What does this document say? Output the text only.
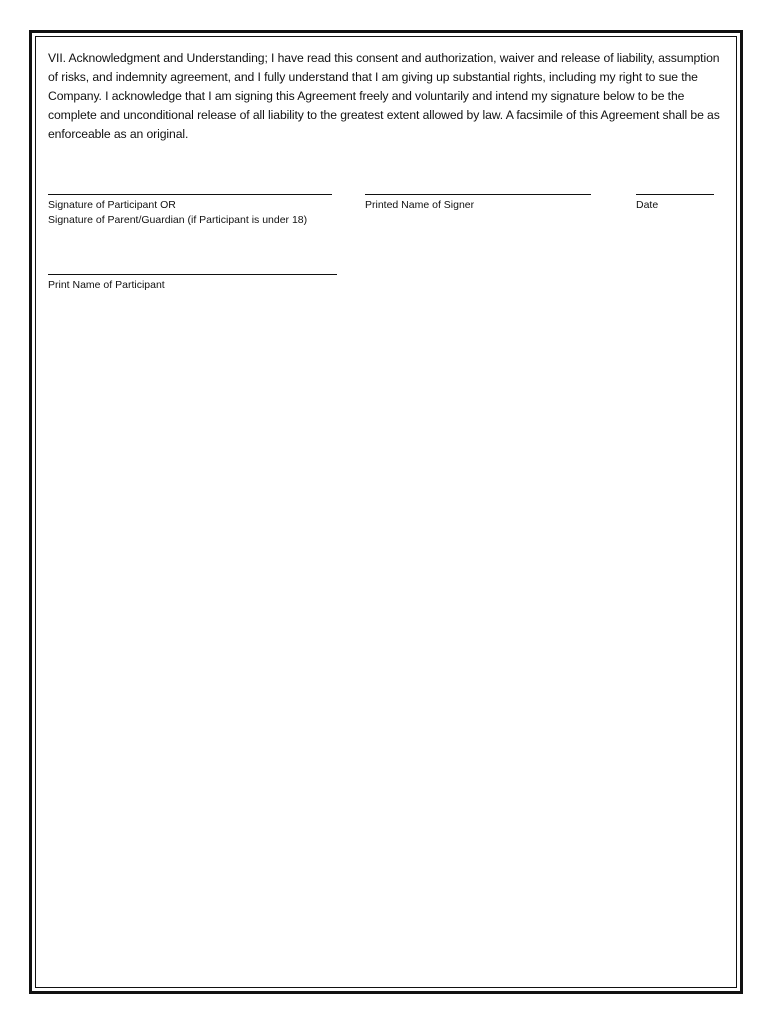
VII. Acknowledgment and Understanding; I have read this consent and authorization, waiver and release of liability, assumption of risks, and indemnity agreement, and I fully understand that I am giving up substantial rights, including my right to sue the Company. I acknowledge that I am signing this Agreement freely and voluntarily and intend my signature below to be the complete and unconditional release of all liability to the greatest extent allowed by law. A facsimile of this Agreement shall be as enforceable as an original.

Signature of Participant OR
Signature of Parent/Guardian (if Participant is under 18)
Printed Name of Signer	Date
Print Name of Participant
